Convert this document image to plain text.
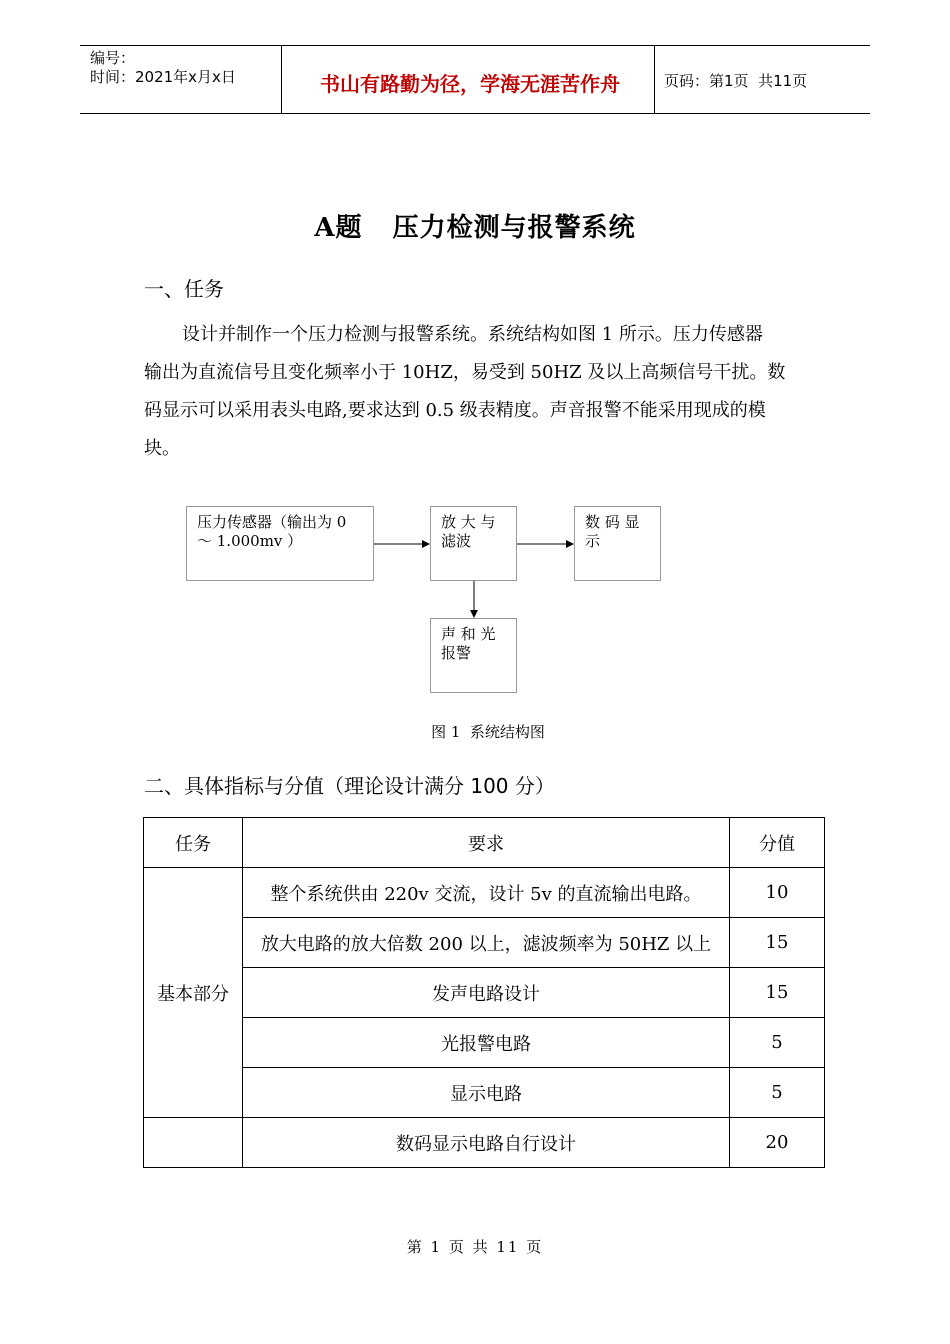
编号：
时间：2021年x月x日	书山有路勤为径，学海无涯苦作舟	页码：第1页  共11页
A题   压力检测与报警系统
一、任务
设计并制作一个压力检测与报警系统。系统结构如图 1 所示。压力传感器
输出为直流信号且变化频率小于 10HZ，易受到 50HZ 及以上高频信号干扰。数
码显示可以采用表头电路,要求达到 0.5 级表精度。声音报警不能采用现成的模
块。
压力传感器（输出为 0
～ 1.000mv ）
放 大 与
滤波
数 码 显
示
声 和 光
报警
图 1  系统结构图
二、具体指标与分值（理论设计满分 100 分）
任务	要求	分值
基本部分	整个系统供由 220v 交流，设计 5v 的直流输出电路。	10
	放大电路的放大倍数 200 以上，滤波频率为 50HZ 以上	15
	发声电路设计	15
	光报警电路	5
	显示电路	5
	数码显示电路自行设计	20
第 1 页 共 11 页
